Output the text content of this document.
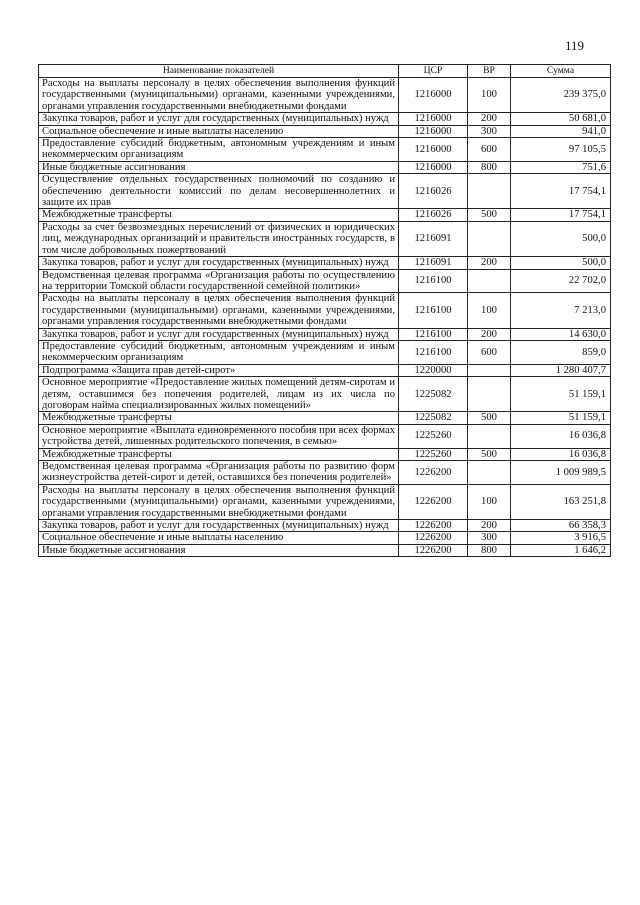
119
Наименование показателей	ЦСР	ВР	Сумма
Расходы на выплаты персоналу в целях обеспечения выполнения функций государственными (муниципальными) органами, казенными учреждениями, органами управления государственными внебюджетными фондами	1216000	100	239 375,0
Закупка товаров, работ и услуг для государственных (муниципальных) нужд	1216000	200	50 681,0
Социальное обеспечение и иные выплаты населению	1216000	300	941,0
Предоставление субсидий бюджетным, автономным учреждениям и иным некоммерческим организациям	1216000	600	97 105,5
Иные бюджетные ассигнования	1216000	800	751,6
Осуществление отдельных государственных полномочий по созданию и обеспечению деятельности комиссий по делам несовершеннолетних и защите их прав	1216026		17 754,1
Межбюджетные трансферты	1216026	500	17 754,1
Расходы за счет безвозмездных перечислений от физических и юридических лиц, международных организаций и правительств иностранных государств, в том числе добровольных пожертвований	1216091		500,0
Закупка товаров, работ и услуг для государственных (муниципальных) нужд	1216091	200	500,0
Ведомственная целевая программа «Организация работы по осуществлению на территории Томской области государственной семейной политики»	1216100		22 702,0
Расходы на выплаты персоналу в целях обеспечения выполнения функций государственными (муниципальными) органами, казенными учреждениями, органами управления государственными внебюджетными фондами	1216100	100	7 213,0
Закупка товаров, работ и услуг для государственных (муниципальных) нужд	1216100	200	14 630,0
Предоставление субсидий бюджетным, автономным учреждениям и иным некоммерческим организациям	1216100	600	859,0
Подпрограмма «Защита прав детей-сирот»	1220000		1 280 407,7
Основное мероприятие «Предоставление жилых помещений детям-сиротам и детям, оставшимся без попечения родителей, лицам из их числа по договорам найма специализированных жилых помещений»	1225082		51 159,1
Межбюджетные трансферты	1225082	500	51 159,1
Основное мероприятие «Выплата единовременного пособия при всех формах устройства детей, лишенных родительского попечения, в семью»	1225260		16 036,8
Межбюджетные трансферты	1225260	500	16 036,8
Ведомственная целевая программа «Организация работы по развитию форм жизнеустройства детей-сирот и детей, оставшихся без попечения родителей»	1226200		1 009 989,5
Расходы на выплаты персоналу в целях обеспечения выполнения функций государственными (муниципальными) органами, казенными учреждениями, органами управления государственными внебюджетными фондами	1226200	100	163 251,8
Закупка товаров, работ и услуг для государственных (муниципальных) нужд	1226200	200	66 358,3
Социальное обеспечение и иные выплаты населению	1226200	300	3 916,5
Иные бюджетные ассигнования	1226200	800	1 646,2
